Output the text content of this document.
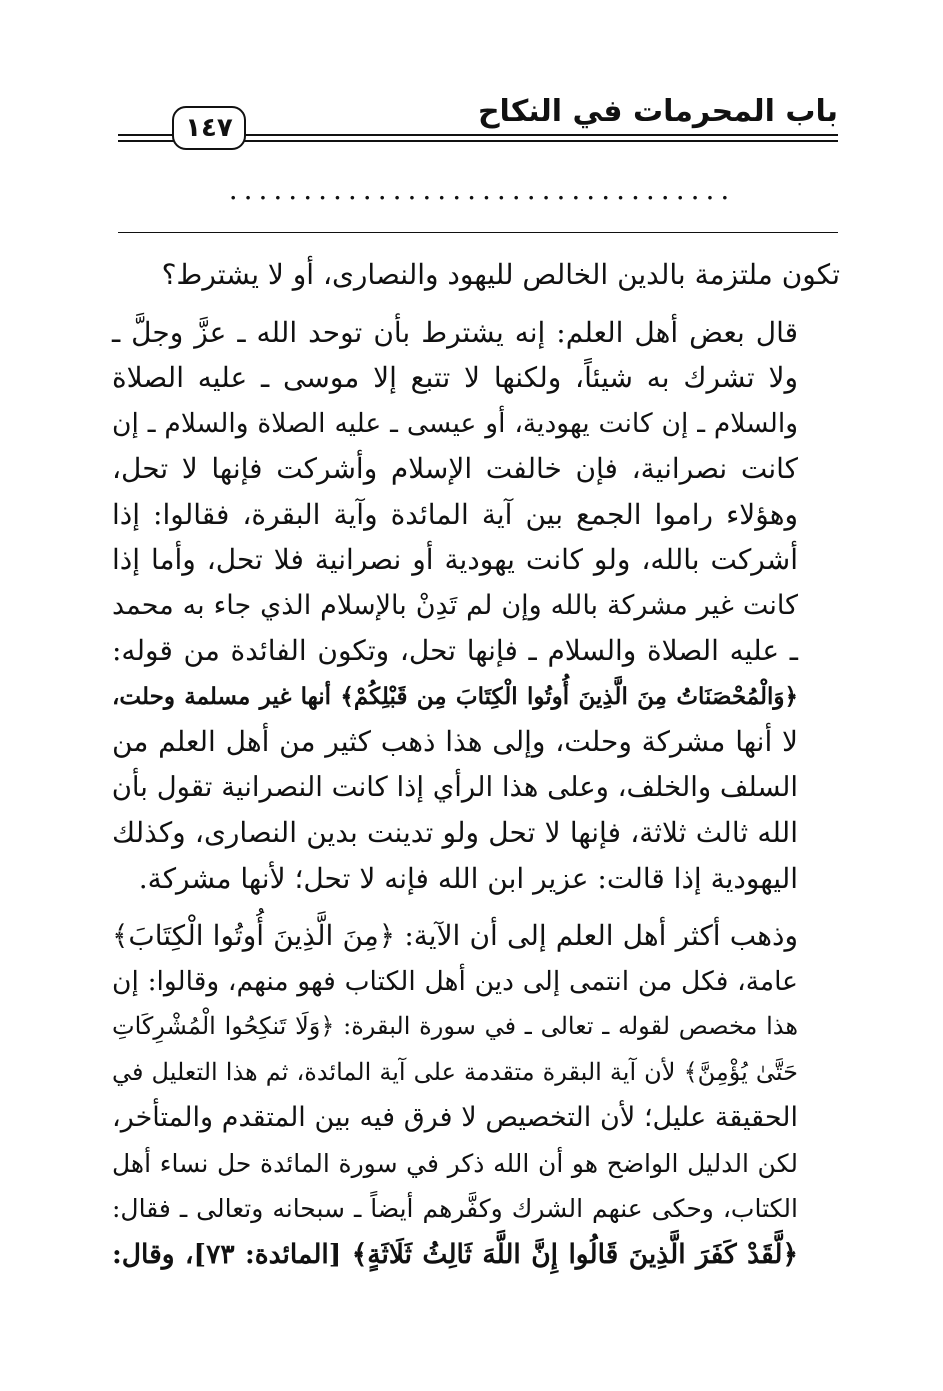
باب المحرمات في النكاح
١٤٧
..................................

تكون ملتزمة بالدين الخالص لليهود والنصارى، أو لا يشترط؟

قال بعض أهل العلم: إنه يشترط بأن توحد الله ـ عزَّ وجلَّ ـ
ولا تشرك به شيئاً، ولكنها لا تتبع إلا موسى ـ عليه الصلاة
والسلام ـ إن كانت يهودية، أو عيسى ـ عليه الصلاة والسلام ـ إن
كانت نصرانية، فإن خالفت الإسلام وأشركت فإنها لا تحل،
وهؤلاء راموا الجمع بين آية المائدة وآية البقرة، فقالوا: إذا
أشركت بالله، ولو كانت يهودية أو نصرانية فلا تحل، وأما إذا
كانت غير مشركة بالله وإن لم تَدِنْ بالإسلام الذي جاء به محمد
ـ عليه الصلاة والسلام ـ فإنها تحل، وتكون الفائدة من قوله:
﴿وَالْمُحْصَنَاتُ مِنَ الَّذِينَ أُوتُوا الْكِتَابَ مِن قَبْلِكُمْ﴾ أنها غير مسلمة وحلت،
لا أنها مشركة وحلت، وإلى هذا ذهب كثير من أهل العلم من
السلف والخلف، وعلى هذا الرأي إذا كانت النصرانية تقول بأن
الله ثالث ثلاثة، فإنها لا تحل ولو تدينت بدين النصارى، وكذلك
اليهودية إذا قالت: عزير ابن الله فإنه لا تحل؛ لأنها مشركة.

وذهب أكثر أهل العلم إلى أن الآية: ﴿مِنَ الَّذِينَ أُوتُوا الْكِتَابَ﴾
عامة، فكل من انتمى إلى دين أهل الكتاب فهو منهم، وقالوا: إن
هذا مخصص لقوله ـ تعالى ـ في سورة البقرة: ﴿وَلَا تَنكِحُوا الْمُشْرِكَاتِ
حَتَّىٰ يُؤْمِنَّ﴾ لأن آية البقرة متقدمة على آية المائدة، ثم هذا التعليل في
الحقيقة عليل؛ لأن التخصيص لا فرق فيه بين المتقدم والمتأخر،
لكن الدليل الواضح هو أن الله ذكر في سورة المائدة حل نساء أهل
الكتاب، وحكى عنهم الشرك وكفَّرهم أيضاً ـ سبحانه وتعالى ـ فقال:
﴿لَّقَدْ كَفَرَ الَّذِينَ قَالُوا إِنَّ اللَّهَ ثَالِثُ ثَلَاثَةٍ﴾ [المائدة: ٧٣]، وقال:
